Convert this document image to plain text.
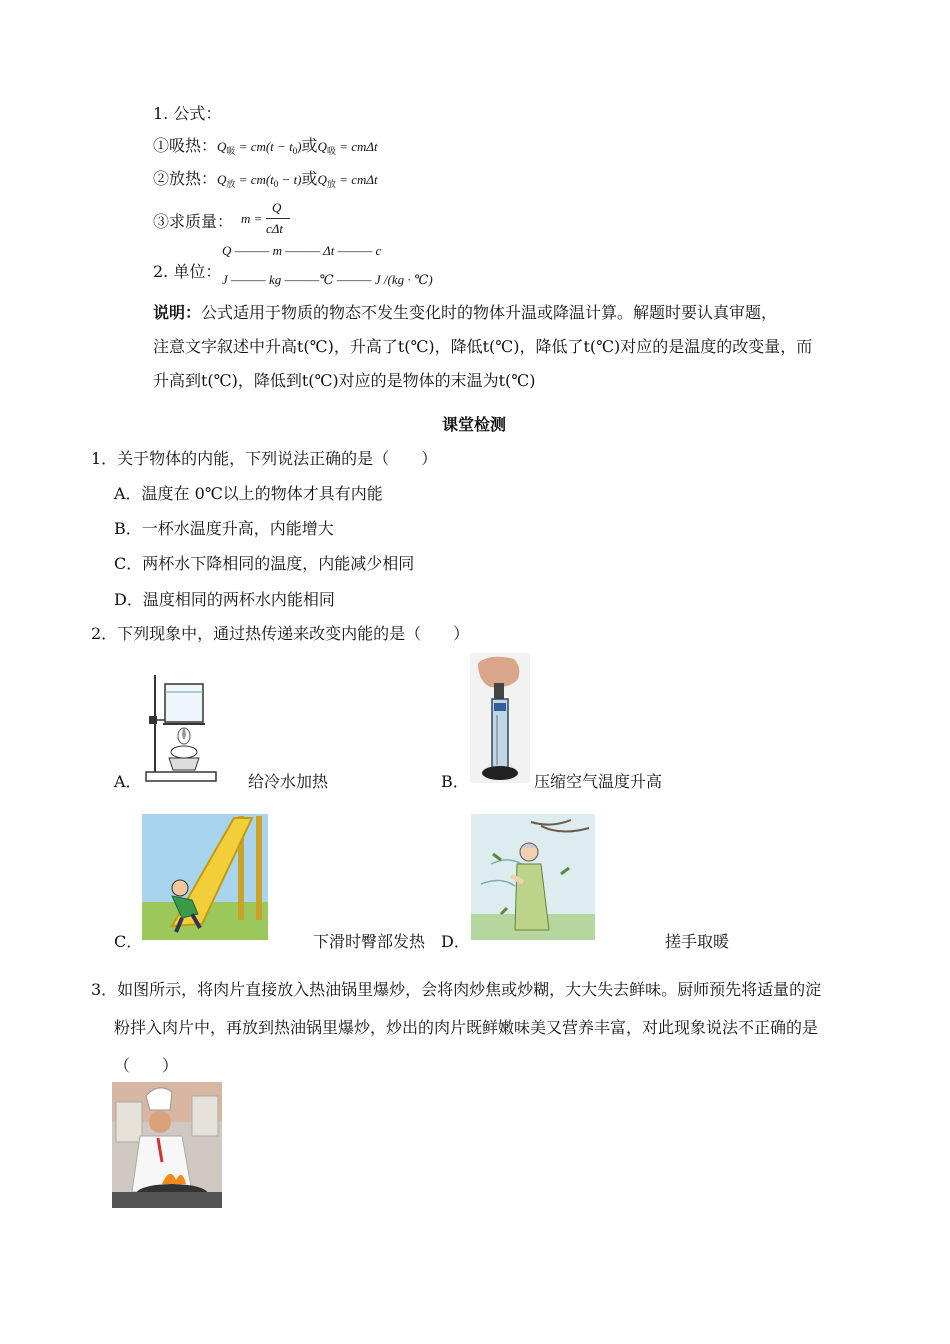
1. 公式：
①吸热：$Q_吸 = cm(t - t_0)$或$Q_吸 = cm\Delta t$
②放热：$Q_放 = cm(t_0 - t)$或$Q_放 = cm\Delta t$
③求质量： m =
Q
cΔt
2. 单位：
Q ——— m ——— Δt ——— c
J ——— kg ———℃ ——— J /(kg · ℃)
说明：公式适用于物质的物态不发生变化时的物体升温或降温计算。解题时要认真审题，
注意文字叙述中升高t(℃)，升高了t(℃)，降低t(℃)，降低了t(℃)对应的是温度的改变量，而
升高到t(℃)，降低到t(℃)对应的是物体的末温为t(℃)
课堂检测
1．关于物体的内能，下列说法正确的是（　　）
A．温度在 0℃以上的物体才具有内能
B．一杯水温度升高，内能增大
C．两杯水下降相同的温度，内能减少相同
D．温度相同的两杯水内能相同
2．下列现象中，通过热传递来改变内能的是（　　）
A．	给冷水加热	B．	压缩空气温度升高
C．	下滑时臀部发热 D．	搓手取暖
3．如图所示，将肉片直接放入热油锅里爆炒，会将肉炒焦或炒糊，大大失去鲜味。厨师预先将适量的淀
粉拌入肉片中，再放到热油锅里爆炒，炒出的肉片既鲜嫩味美又营养丰富，对此现象说法不正确的是
（　　）
